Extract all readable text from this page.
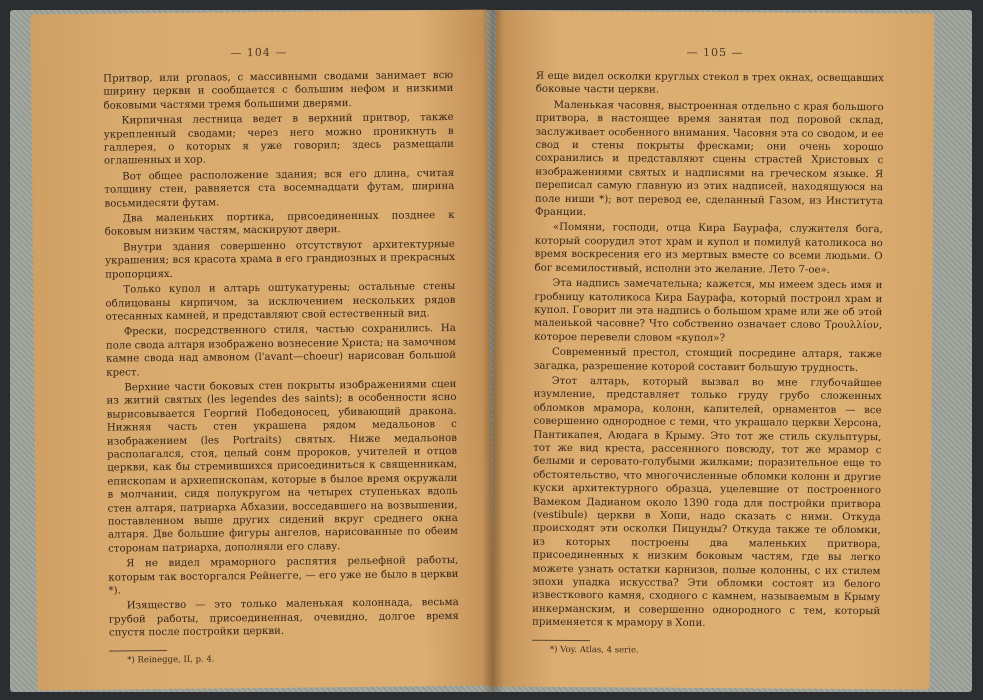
— 104 —

Притвор, или pronaos, с массивными сводами занимает всю ширину церкви и сообщается с большим нефом и низкими боковыми частями тремя большими дверями.

Кирпичная лестница ведет в верхний притвор, также укрепленный сводами; через него можно проникнуть в галлерея, о которых я уже говорил; здесь размещали оглашенных и хор.

Вот общее расположение здания; вся его длина, считая толщину стен, равняется ста восемнадцати футам, ширина восьмидесяти футам.

Два маленьких портика, присоединенных позднее к боковым низким частям, маскируют двери.

Внутри здания совершенно отсутствуют архитектурные украшения; вся красота храма в его грандиозных и прекрасных пропорциях.

Только купол и алтарь оштукатурены; остальные стены облицованы кирпичом, за исключением нескольких рядов отесанных камней, и представляют свой естественный вид.

Фрески, посредственного стиля, частью сохранились. На поле свода алтаря изображено вознесение Христа; на замочном камне свода над амвоном (l'avant—choeur) нарисован большой крест.

Верхние части боковых стен покрыты изображениями сцен из житий святых (les legendes des saints); в особенности ясно вырисовывается Георгий Победоносец, убивающий дракона. Нижняя часть стен украшена рядом медальонов с изображением (les Portraits) святых. Ниже медальонов располагался, стоя, целый сонм пророков, учителей и отцов церкви, как бы стремившихся присоединиться к священникам, епископам и архиепископам, которые в былое время окружали в молчании, сидя полукругом на четырех ступеньках вдоль стен алтаря, патриарха Абхазии, восседавшего на возвышении, поставленном выше других сидений вкруг среднего окна алтаря. Две большие фигуры ангелов, нарисованные по обеим сторонам патриарха, дополняли его славу.

Я не видел мраморного распятия рельефной работы, которым так восторгался Рейнегге, — его уже не было в церкви *).

Изящество — это только маленькая колоннада, весьма грубой работы, присоединенная, очевидно, долгое время спустя после постройки церкви.

*) Reinegge, II, p. 4.
— 105 —

Я еще видел осколки круглых стекол в трех окнах, освещавших боковые части церкви.

Маленькая часовня, выстроенная отдельно с края большого притвора, в настоящее время занятая под поровой склад, заслуживает особенного внимания. Часовня эта со сводом, и ее свод и стены покрыты фресками; они очень хорошо сохранились и представляют сцены страстей Христовых с изображениями святых и надписями на греческом языке. Я переписал самую главную из этих надписей, находящуюся на поле ниши *); вот перевод ее, сделанный Газом, из Института Франции.

«Помяни, господи, отца Кира Баурафа, служителя бога, который соорудил этот храм и купол и помилуй католикоса во время воскресения его из мертвых вместе со всеми людьми. О бог всемилостивый, исполни это желание. Лето 7-ое».

Эта надпись замечательна; кажется, мы имеем здесь имя и гробницу католикоса Кира Баурафа, который построил храм и купол. Говорит ли эта надпись о большом храме или же об этой маленькой часовне? Что собственно означает слово Τρουλλίον, которое перевели словом «купол»?

Современный престол, стоящий посредине алтаря, также загадка, разрешение которой составит большую трудность.

Этот алтарь, который вызвал во мне глубочайшее изумление, представляет только груду грубо сложенных обломков мрамора, колонн, капителей, орнаментов — все совершенно однородное с теми, что украшало церкви Херсона, Пантикапея, Аюдага в Крыму. Это тот же стиль скульптуры, тот же вид креста, рассеянного повсюду, тот же мрамор с белыми и серовато-голубыми жилками; поразительное еще то обстоятельство, что многочисленные обломки колонн и другие куски архитектурного образца, уцелевшие от построенного Вамеком Дадианом около 1390 года для постройки притвора (vestibule) церкви в Хопи, надо сказать с ними. Откуда происходят эти осколки Пицунды? Откуда также те обломки, из которых построены два маленьких притвора, присоединенных к низким боковым частям, где вы легко можете узнать остатки карнизов, полые колонны, с их стилем эпохи упадка искусства? Эти обломки состоят из белого известкового камня, сходного с камнем, называемым в Крыму инкерманским, и совершенно однородного с тем, который применяется к мрамору в Хопи.

*) Voy. Atlas, 4 serie.
